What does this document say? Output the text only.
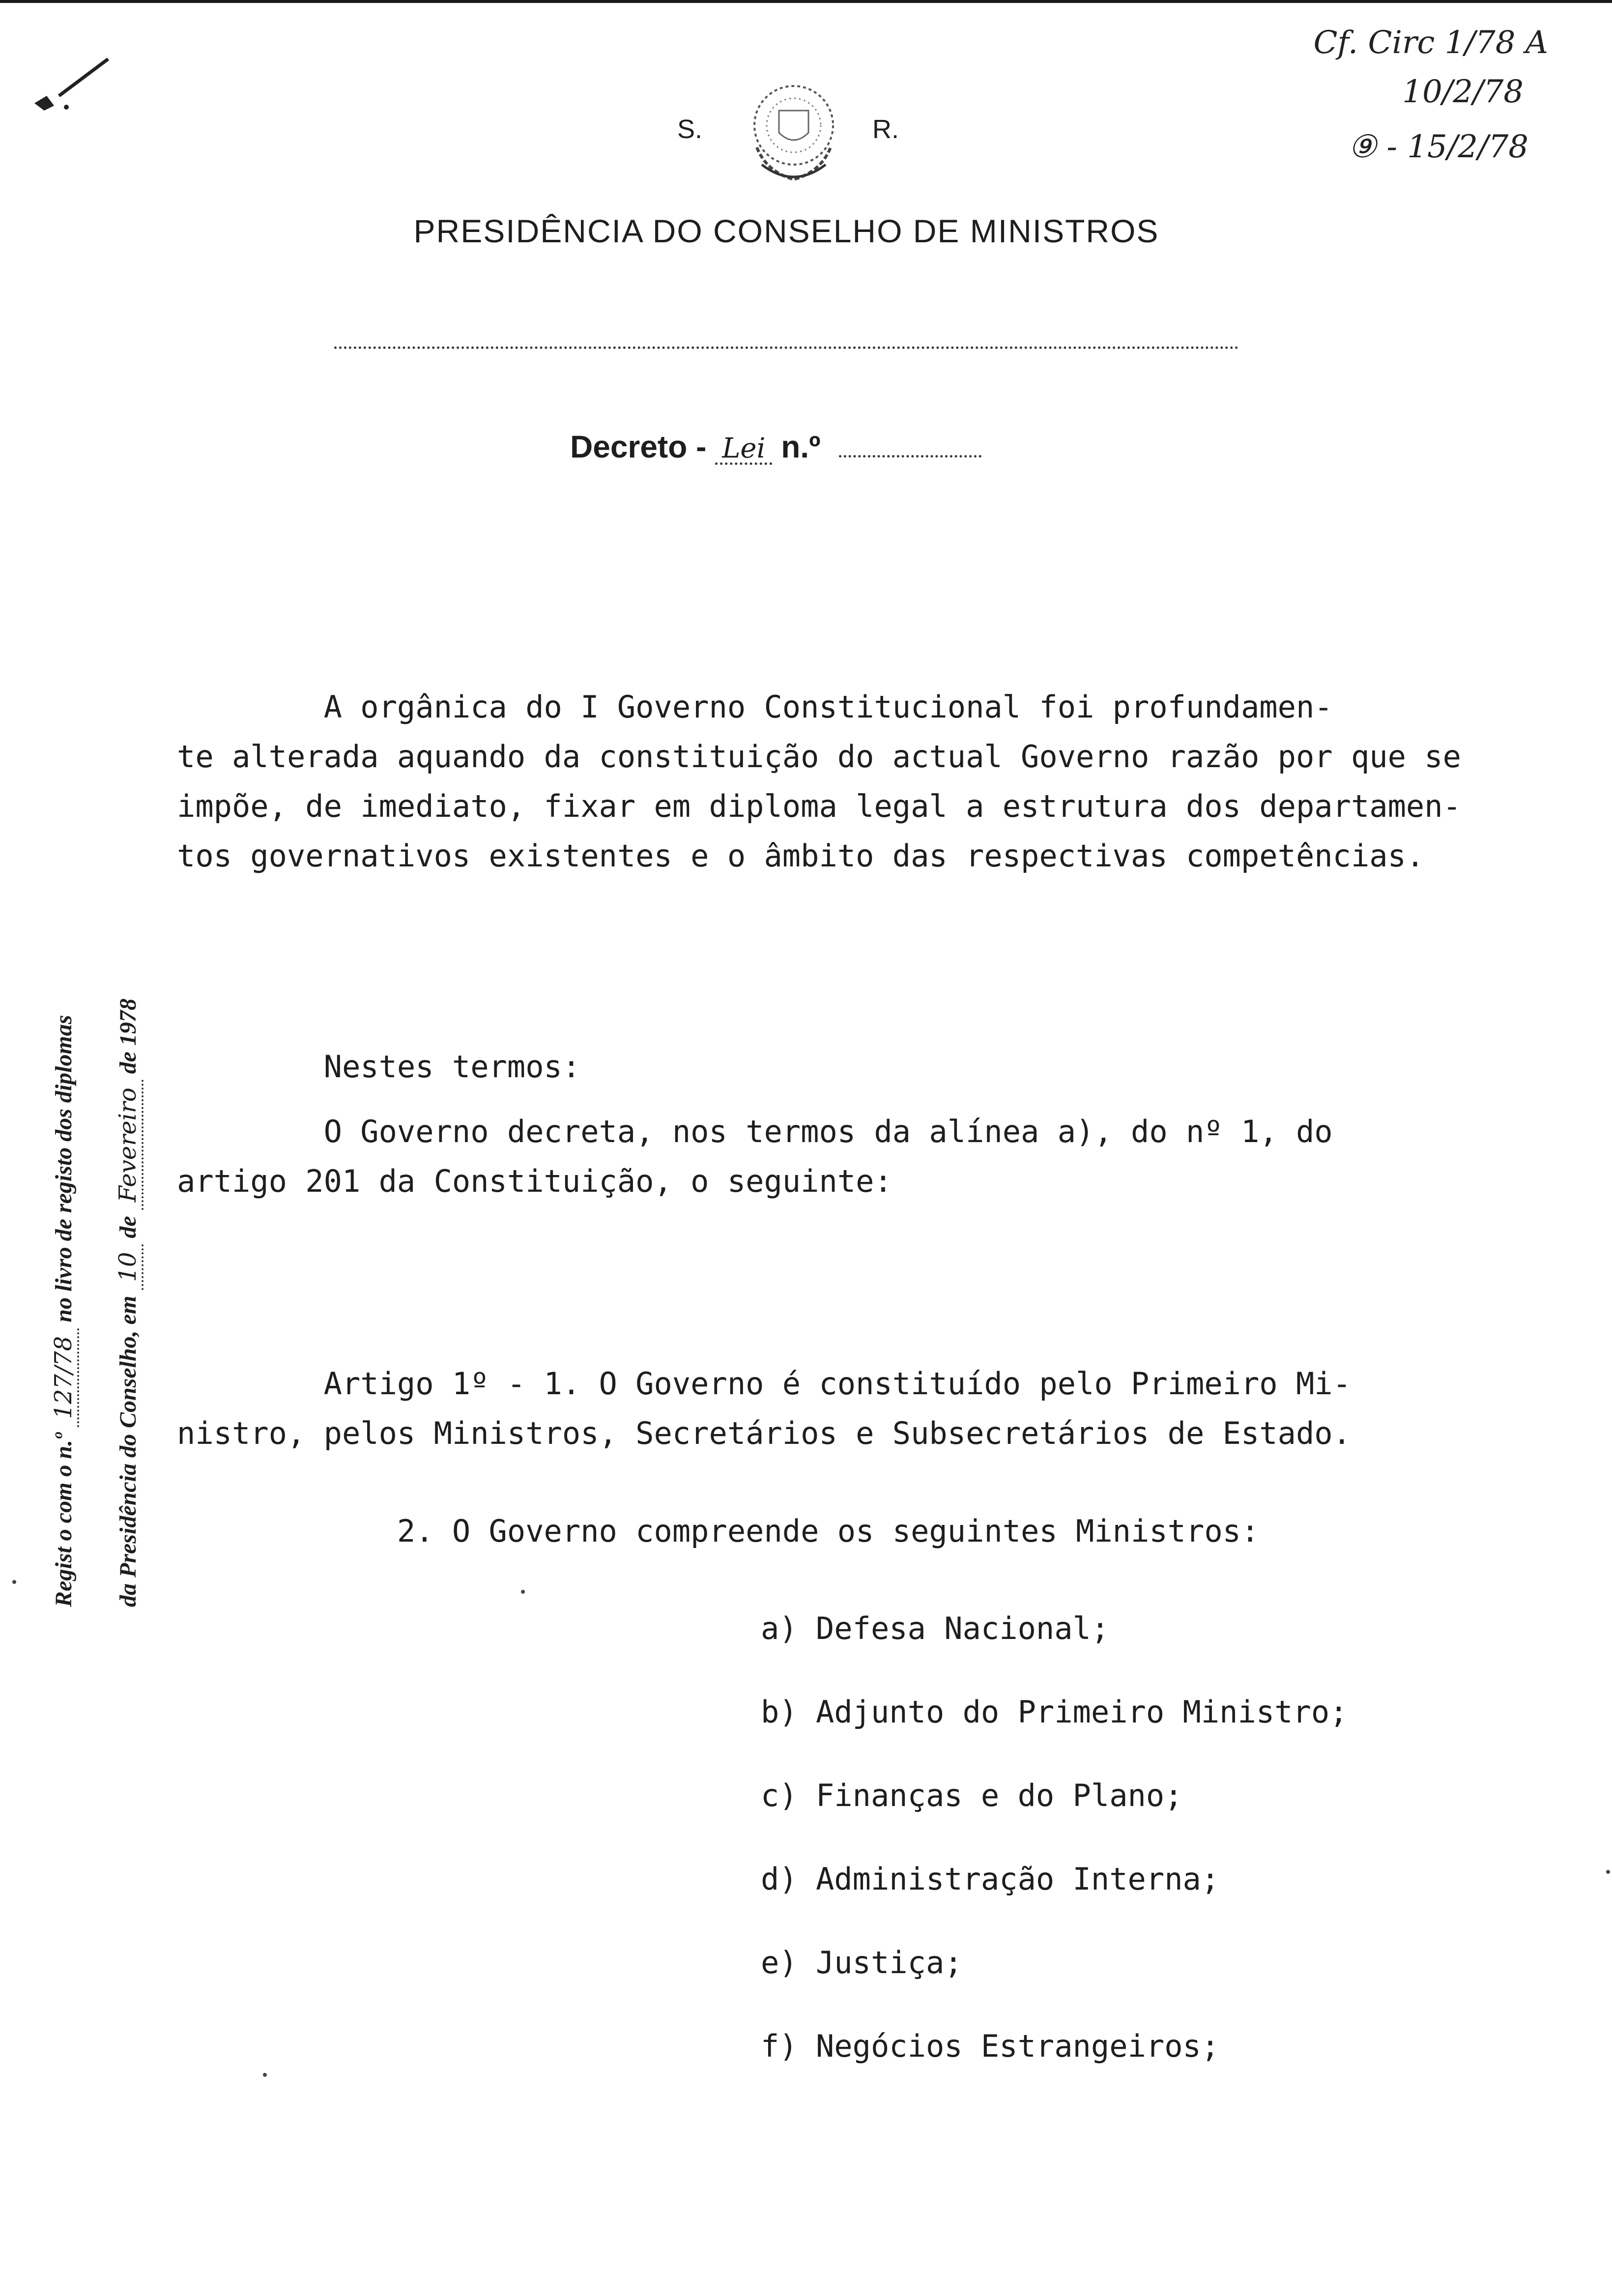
S.	R.
PRESIDÊNCIA DO CONSELHO DE MINISTROS
Decreto - Lei n.º
Cf. Circ 1/78 A
10/2/78
⑨ - 15/2/78
Regist o com o n.º 127/78 no livro de registo dos diplomas
da Presidência do Conselho, em 10 de Fevereiro de 1978
A orgânica do I Governo Constitucional foi profundamen-
te alterada aquando da constituição do actual Governo razão por que se
impõe, de imediato, fixar em diploma legal a estrutura dos departamen-
tos governativos existentes e o âmbito das respectivas competências.
Nestes termos:
O Governo decreta, nos termos da alínea a), do nº 1, do
artigo 201 da Constituição, o seguinte:
Artigo 1º - 1. O Governo é constituído pelo Primeiro Mi-
nistro, pelos Ministros, Secretários e Subsecretários de Estado.
2. O Governo compreende os seguintes Ministros:
a) Defesa Nacional;
b) Adjunto do Primeiro Ministro;
c) Finanças e do Plano;
d) Administração Interna;
e) Justiça;
f) Negócios Estrangeiros;
